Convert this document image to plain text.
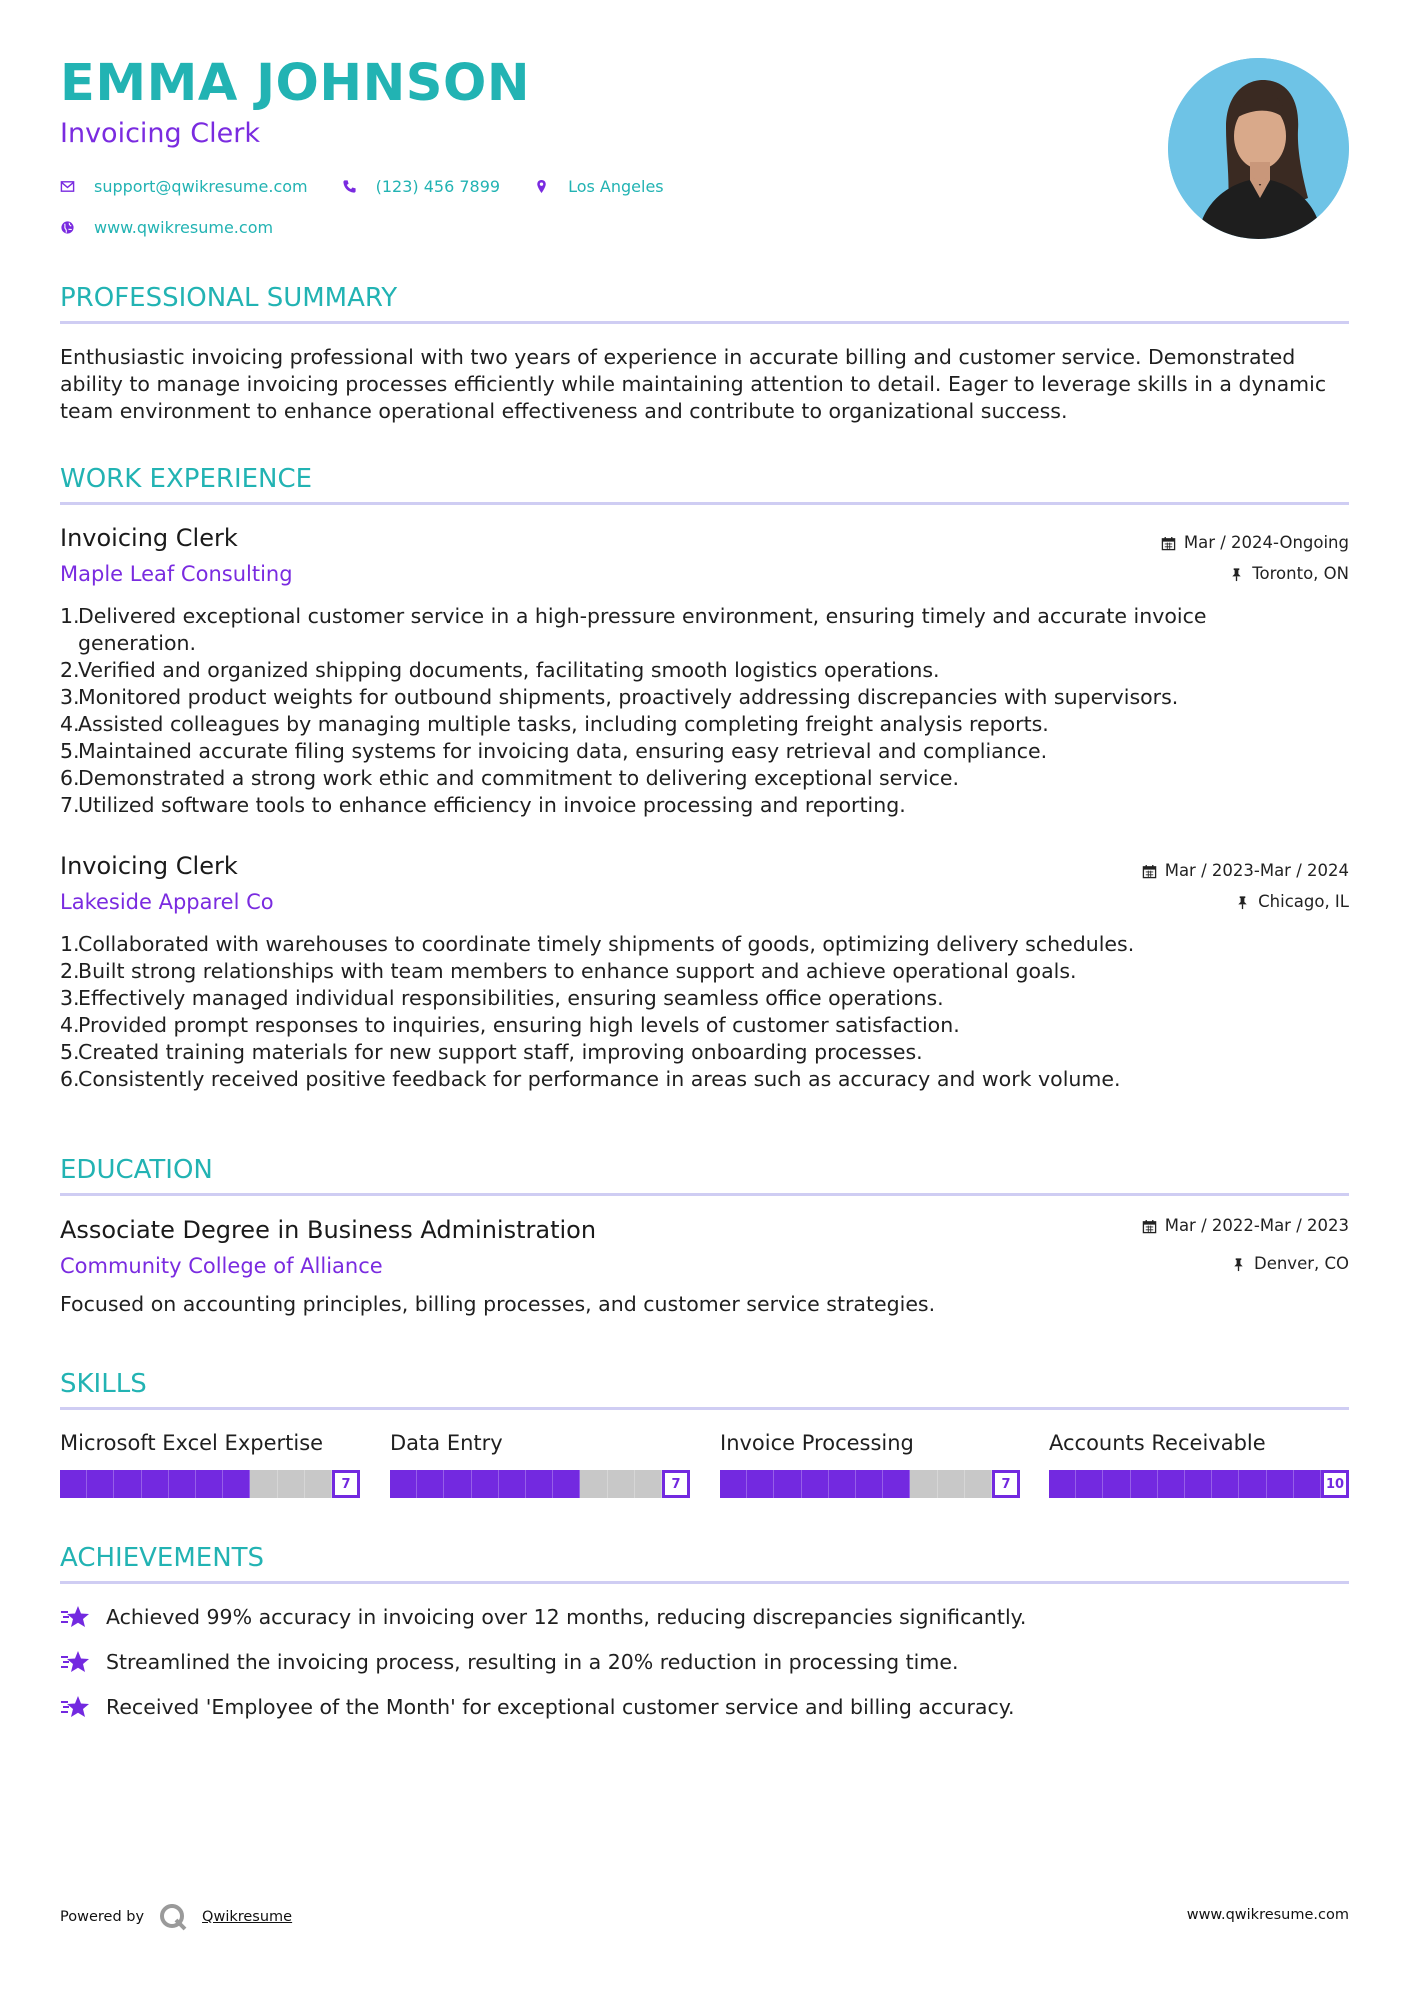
EMMA JOHNSON
Invoicing Clerk
support@qwikresume.com	(123) 456 7899	Los Angeles
www.qwikresume.com
PROFESSIONAL SUMMARY
Enthusiastic invoicing professional with two years of experience in accurate billing and customer service. Demonstrated ability to manage invoicing processes efficiently while maintaining attention to detail. Eager to leverage skills in a dynamic team environment to enhance operational effectiveness and contribute to organizational success.
WORK EXPERIENCE
Invoicing Clerk	Mar / 2024-Ongoing
Maple Leaf Consulting	Toronto, ON
1.
Delivered exceptional customer service in a high-pressure environment, ensuring timely and accurate invoice generation.
2.
Verified and organized shipping documents, facilitating smooth logistics operations.
3.
Monitored product weights for outbound shipments, proactively addressing discrepancies with supervisors.
4.
Assisted colleagues by managing multiple tasks, including completing freight analysis reports.
5.
Maintained accurate filing systems for invoicing data, ensuring easy retrieval and compliance.
6.
Demonstrated a strong work ethic and commitment to delivering exceptional service.
7.
Utilized software tools to enhance efficiency in invoice processing and reporting.
Invoicing Clerk	Mar / 2023-Mar / 2024
Lakeside Apparel Co	Chicago, IL
1.
Collaborated with warehouses to coordinate timely shipments of goods, optimizing delivery schedules.
2.
Built strong relationships with team members to enhance support and achieve operational goals.
3.
Effectively managed individual responsibilities, ensuring seamless office operations.
4.
Provided prompt responses to inquiries, ensuring high levels of customer satisfaction.
5.
Created training materials for new support staff, improving onboarding processes.
6.
Consistently received positive feedback for performance in areas such as accuracy and work volume.
EDUCATION
Associate Degree in Business Administration	Mar / 2022-Mar / 2023
Community College of Alliance	Denver, CO
Focused on accounting principles, billing processes, and customer service strategies.
SKILLS
Microsoft Excel Expertise
7
Data Entry
7
Invoice Processing
7
Accounts Receivable
10
ACHIEVEMENTS
Achieved 99% accuracy in invoicing over 12 months, reducing discrepancies significantly.
Streamlined the invoicing process, resulting in a 20% reduction in processing time.
Received 'Employee of the Month' for exceptional customer service and billing accuracy.
Powered by	Qwikresume	www.qwikresume.com
